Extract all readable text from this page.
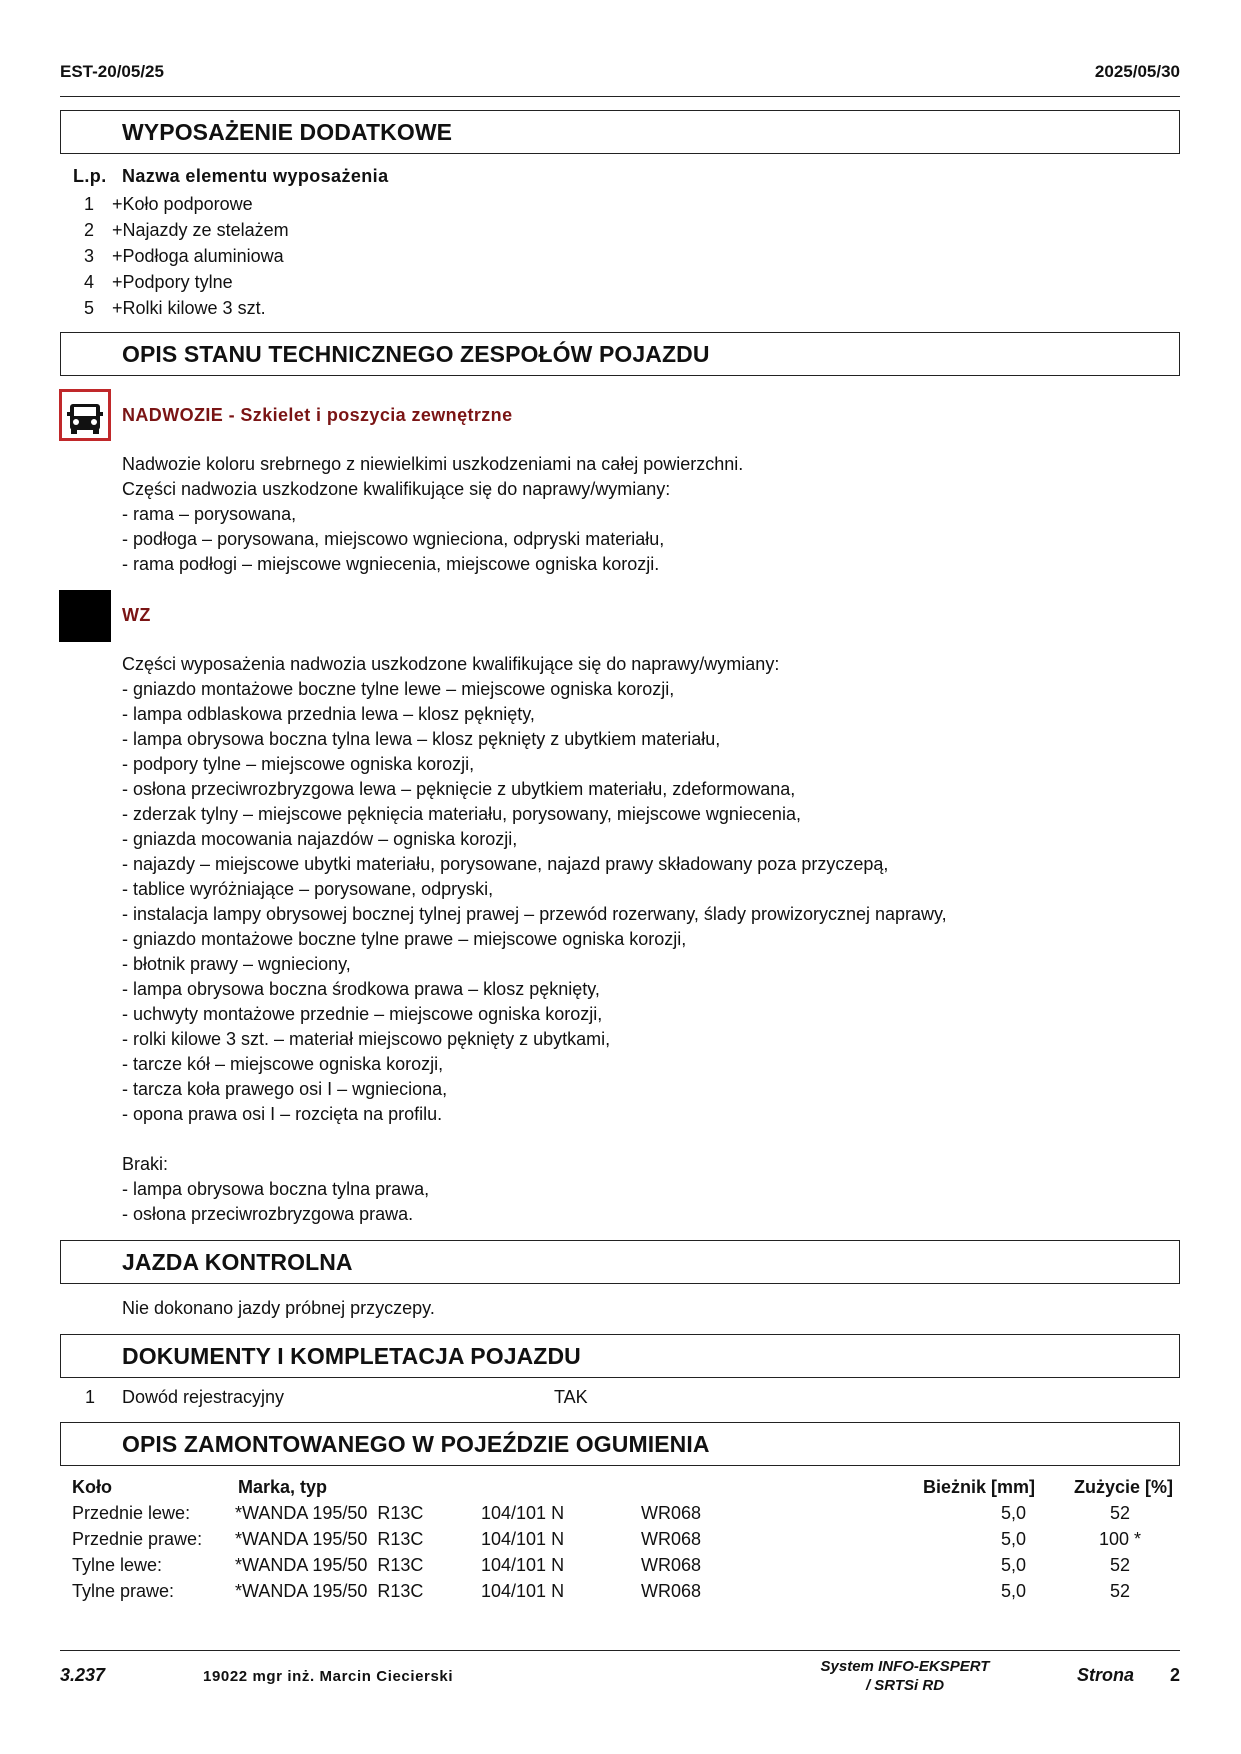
EST-20/05/25	2025/05/30
WYPOSAŻENIE DODATKOWE
L.p. Nazwa elementu wyposażenia
1 +Koło podporowe
2 +Najazdy ze stelażem
3 +Podłoga aluminiowa
4 +Podpory tylne
5 +Rolki kilowe 3 szt.
OPIS STANU TECHNICZNEGO ZESPOŁÓW POJAZDU
NADWOZIE - Szkielet i poszycia zewnętrzne
Nadwozie koloru srebrnego z niewielkimi uszkodzeniami na całej powierzchni.
Części nadwozia uszkodzone kwalifikujące się do naprawy/wymiany:
- rama – porysowana,
- podłoga – porysowana, miejscowo wgnieciona, odpryski materiału,
- rama podłogi – miejscowe wgniecenia, miejscowe ogniska korozji.
WZ
Części wyposażenia nadwozia uszkodzone kwalifikujące się do naprawy/wymiany:
- gniazdo montażowe boczne tylne lewe – miejscowe ogniska korozji,
- lampa odblaskowa przednia lewa – klosz pęknięty,
- lampa obrysowa boczna tylna lewa – klosz pęknięty z ubytkiem materiału,
- podpory tylne – miejscowe ogniska korozji,
- osłona przeciwrozbryzgowa lewa – pęknięcie z ubytkiem materiału, zdeformowana,
- zderzak tylny – miejscowe pęknięcia materiału, porysowany, miejscowe wgniecenia,
- gniazda mocowania najazdów – ogniska korozji,
- najazdy – miejscowe ubytki materiału, porysowane, najazd prawy składowany poza przyczepą,
- tablice wyróżniające – porysowane, odpryski,
- instalacja lampy obrysowej bocznej tylnej prawej – przewód rozerwany, ślady prowizorycznej naprawy,
- gniazdo montażowe boczne tylne prawe – miejscowe ogniska korozji,
- błotnik prawy – wgnieciony,
- lampa obrysowa boczna środkowa prawa – klosz pęknięty,
- uchwyty montażowe przednie – miejscowe ogniska korozji,
- rolki kilowe 3 szt. – materiał miejscowo pęknięty z ubytkami,
- tarcze kół – miejscowe ogniska korozji,
- tarcza koła prawego osi I – wgnieciona,
- opona prawa osi I – rozcięta na profilu.
Braki:
- lampa obrysowa boczna tylna prawa,
- osłona przeciwrozbryzgowa prawa.
JAZDA KONTROLNA
Nie dokonano jazdy próbnej przyczepy.
DOKUMENTY I KOMPLETACJA POJAZDU
1 Dowód rejestracyjny	TAK
OPIS ZAMONTOWANEGO W POJEŹDZIE OGUMIENIA
Koło	Marka, typ	Bieżnik [mm] Zużycie [%]
Przednie lewe: *WANDA 195/50  R13C	104/101 N	WR068	5,0	52
Przednie prawe: *WANDA 195/50  R13C	104/101 N	WR068	5,0	100 *
Tylne lewe:	*WANDA 195/50  R13C	104/101 N	WR068	5,0	52
Tylne prawe:	*WANDA 195/50  R13C	104/101 N	WR068	5,0	52
3.237	19022 mgr inż. Marcin Ciecierski
System INFO-EKSPERT
/ SRTSi RD
Strona 2
